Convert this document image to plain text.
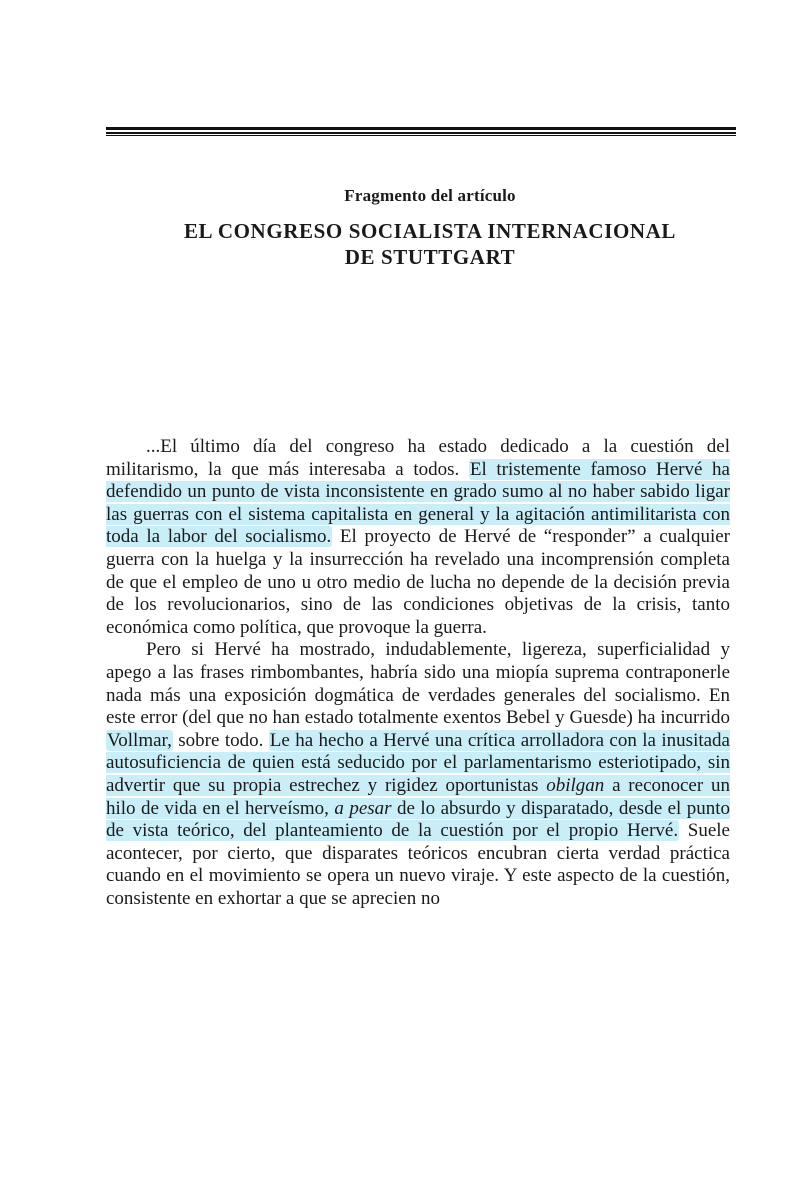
Fragmento del artículo
EL CONGRESO SOCIALISTA INTERNACIONAL
DE STUTTGART

...El último día del congreso ha estado dedicado a la cuestión del militarismo, la que más interesaba a todos. El tristemente famoso Hervé ha defendido un punto de vista inconsistente en grado sumo al no haber sabido ligar las guerras con el sistema capitalista en general y la agitación antimilitarista con toda la labor del socialismo. El proyecto de Hervé de “responder” a cualquier guerra con la huelga y la insurrección ha revelado una incomprensión completa de que el empleo de uno u otro medio de lucha no depende de la decisión previa de los revolucionarios, sino de las condiciones objetivas de la crisis, tanto económica como política, que provoque la guerra.

Pero si Hervé ha mostrado, indudablemente, ligereza, superficialidad y apego a las frases rimbombantes, habría sido una miopía suprema contraponerle nada más una exposición dogmática de verdades generales del socialismo. En este error (del que no han estado totalmente exentos Bebel y Guesde) ha incurrido Vollmar, sobre todo. Le ha hecho a Hervé una crítica arrolladora con la inusitada autosuficiencia de quien está seducido por el parlamentarismo esteriotipado, sin advertir que su propia estrechez y rigidez oportunistas obilgan a reconocer un hilo de vida en el herveísmo, a pesar de lo absurdo y disparatado, desde el punto de vista teórico, del planteamiento de la cuestión por el propio Hervé. Suele acontecer, por cierto, que disparates teóricos encubran cierta verdad práctica cuando en el movimiento se opera un nuevo viraje. Y este aspecto de la cuestión, consistente en exhortar a que se aprecien no
